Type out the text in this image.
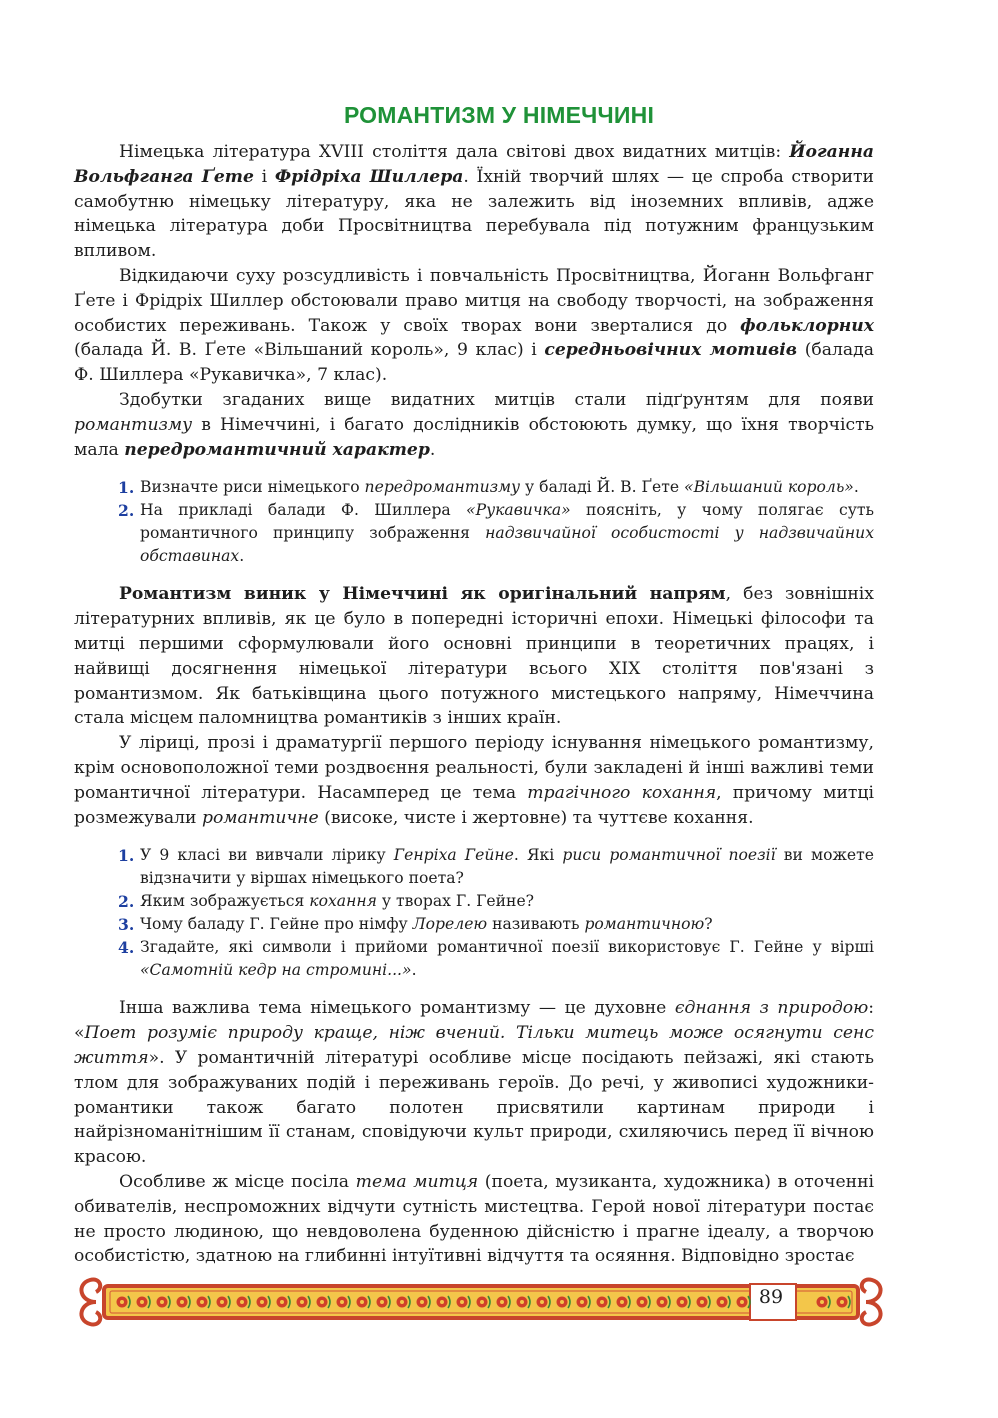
РОМАНТИЗМ У НІМЕЧЧИНІ

Німецька література XVIII століття дала світові двох видатних митців: Йоганна Вольфганга Ґете і Фрідріха Шиллера. Їхній творчий шлях — це спроба створити самобутню німецьку літературу, яка не залежить від іноземних впливів, адже німецька література доби Просвітництва перебувала під потужним французьким впливом.

Відкидаючи суху розсудливість і повчальність Просвітництва, Йоганн Вольфганг Ґете і Фрідріх Шиллер обстоювали право митця на свободу творчості, на зображення особистих переживань. Також у своїх творах вони зверталися до фольклорних (балада Й. В. Ґете «Вільшаний король», 9 клас) і середньовічних мотивів (балада Ф. Шиллера «Рукавичка», 7 клас).

Здобутки згаданих вище видатних митців стали підґрунтям для появи романтизму в Німеччині, і багато дослідників обстоюють думку, що їхня творчість мала передромантичний характер.

1. Визначте риси німецького передромантизму у баладі Й. В. Ґете «Вільшаний король».
2. На прикладі балади Ф. Шиллера «Рукавичка» поясніть, у чому полягає суть романтичного принципу зображення надзвичайної особистості у надзвичайних обставинах.

Романтизм виник у Німеччині як оригінальний напрям, без зовнішніх літературних впливів, як це було в попередні історичні епохи. Німецькі філософи та митці першими сформулювали його основні принципи в теоретичних працях, і найвищі досягнення німецької літератури всього XIX століття пов'язані з романтизмом. Як батьківщина цього потужного мистецького напряму, Німеччина стала місцем паломництва романтиків з інших країн.

У ліриці, прозі і драматургії першого періоду існування німецького романтизму, крім основоположної теми роздвоєння реальності, були закладені й інші важливі теми романтичної літератури. Насамперед це тема трагічного кохання, причому митці розмежували романтичне (високе, чисте і жертовне) та чуттєве кохання.

1. У 9 класі ви вивчали лірику Генріха Гейне. Які риси романтичної поезії ви можете відзначити у віршах німецького поета?
2. Яким зображується кохання у творах Г. Гейне?
3. Чому баладу Г. Гейне про німфу Лорелею називають романтичною?
4. Згадайте, які символи і прийоми романтичної поезії використовує Г. Гейне у вірші «Самотній кедр на стромині...».

Інша важлива тема німецького романтизму — це духовне єднання з природою: «Поет розуміє природу краще, ніж вчений. Тільки митець може осягнути сенс життя». У романтичній літературі особливе місце посідають пейзажі, які стають тлом для зображуваних подій і переживань героїв. До речі, у живописі художники-романтики також багато полотен присвятили картинам природи і найрізноманітнішим її станам, сповідуючи культ природи, схиляючись перед її вічною красою.

Особливе ж місце посіла тема митця (поета, музиканта, художника) в оточенні обивателів, неспроможних відчути сутність мистецтва. Герой нової літератури постає не просто людиною, що невдоволена буденною дійсністю і прагне ідеалу, а творчою особистістю, здатною на глибинні інтуїтивні відчуття та осяяння. Відповідно зростає

89
